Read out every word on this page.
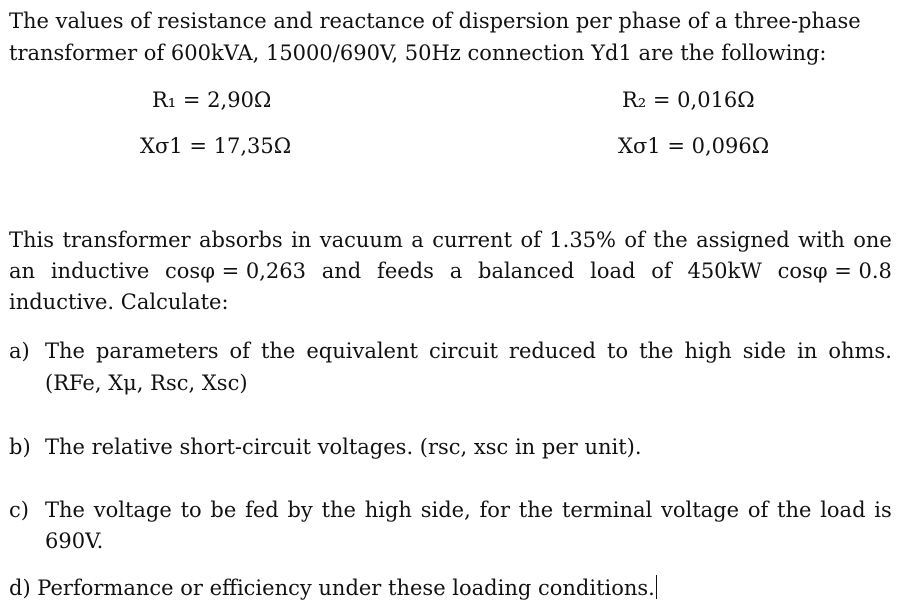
The values of resistance and reactance of dispersion per phase of a three-phase
transformer of 600kVA, 15000/690V, 50Hz connection Yd1 are the following:
R₁ = 2,90Ω	R₂ = 0,016Ω
Xσ1 = 17,35Ω	Xσ1 = 0,096Ω
This transformer absorbs in vacuum a current of 1.35% of the assigned with one
an inductive cosφ = 0,263 and feeds a balanced load of 450kW cosφ = 0.8
inductive. Calculate:
a) The parameters of the equivalent circuit reduced to the high side in ohms.
(RFe, Xμ, Rsc, Xsc)
b) The relative short-circuit voltages. (rsc, xsc in per unit).
c) The voltage to be fed by the high side, for the terminal voltage of the load is
690V.
d) Performance or efficiency under these loading conditions.
